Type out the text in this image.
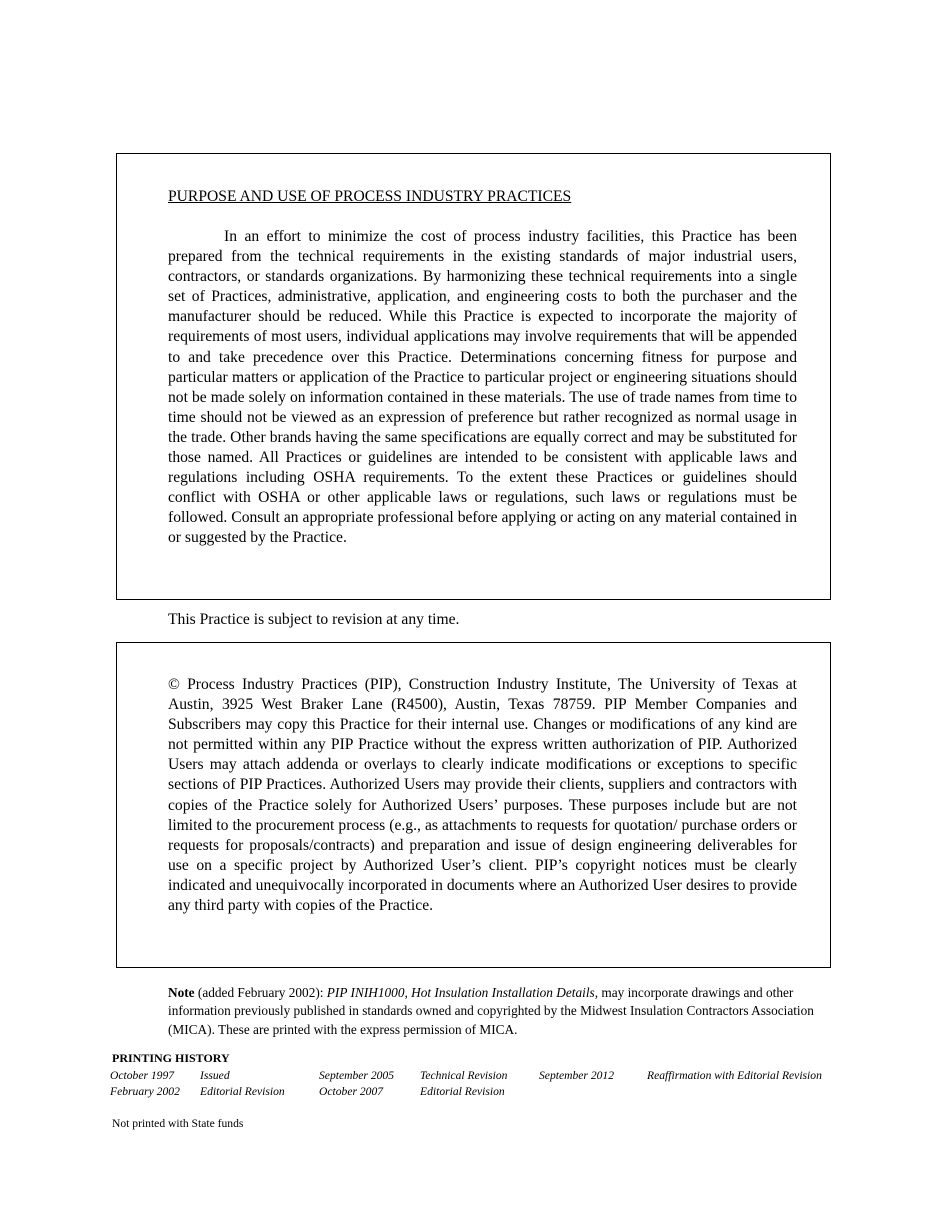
PURPOSE AND USE OF PROCESS INDUSTRY PRACTICES
In an effort to minimize the cost of process industry facilities, this Practice has been prepared from the technical requirements in the existing standards of major industrial users, contractors, or standards organizations. By harmonizing these technical requirements into a single set of Practices, administrative, application, and engineering costs to both the purchaser and the manufacturer should be reduced. While this Practice is expected to incorporate the majority of requirements of most users, individual applications may involve requirements that will be appended to and take precedence over this Practice. Determinations concerning fitness for purpose and particular matters or application of the Practice to particular project or engineering situations should not be made solely on information contained in these materials. The use of trade names from time to time should not be viewed as an expression of preference but rather recognized as normal usage in the trade. Other brands having the same specifications are equally correct and may be substituted for those named. All Practices or guidelines are intended to be consistent with applicable laws and regulations including OSHA requirements. To the extent these Practices or guidelines should conflict with OSHA or other applicable laws or regulations, such laws or regulations must be followed. Consult an appropriate professional before applying or acting on any material contained in or suggested by the Practice.
This Practice is subject to revision at any time.
© Process Industry Practices (PIP), Construction Industry Institute, The University of Texas at Austin, 3925 West Braker Lane (R4500), Austin, Texas 78759. PIP Member Companies and Subscribers may copy this Practice for their internal use. Changes or modifications of any kind are not permitted within any PIP Practice without the express written authorization of PIP. Authorized Users may attach addenda or overlays to clearly indicate modifications or exceptions to specific sections of PIP Practices. Authorized Users may provide their clients, suppliers and contractors with copies of the Practice solely for Authorized Users’ purposes. These purposes include but are not limited to the procurement process (e.g., as attachments to requests for quotation/ purchase orders or requests for proposals/contracts) and preparation and issue of design engineering deliverables for use on a specific project by Authorized User’s client. PIP’s copyright notices must be clearly indicated and unequivocally incorporated in documents where an Authorized User desires to provide any third party with copies of the Practice.
Note (added February 2002): PIP INIH1000, Hot Insulation Installation Details, may incorporate drawings and other information previously published in standards owned and copyrighted by the Midwest Insulation Contractors Association (MICA). These are printed with the express permission of MICA.
PRINTING HISTORY
October 1997 Issued
February 2002 Editorial Revision
September 2005 Technical Revision
October 2007	Editorial Revision
September 2012	Reaffirmation with Editorial Revision
Not printed with State funds
